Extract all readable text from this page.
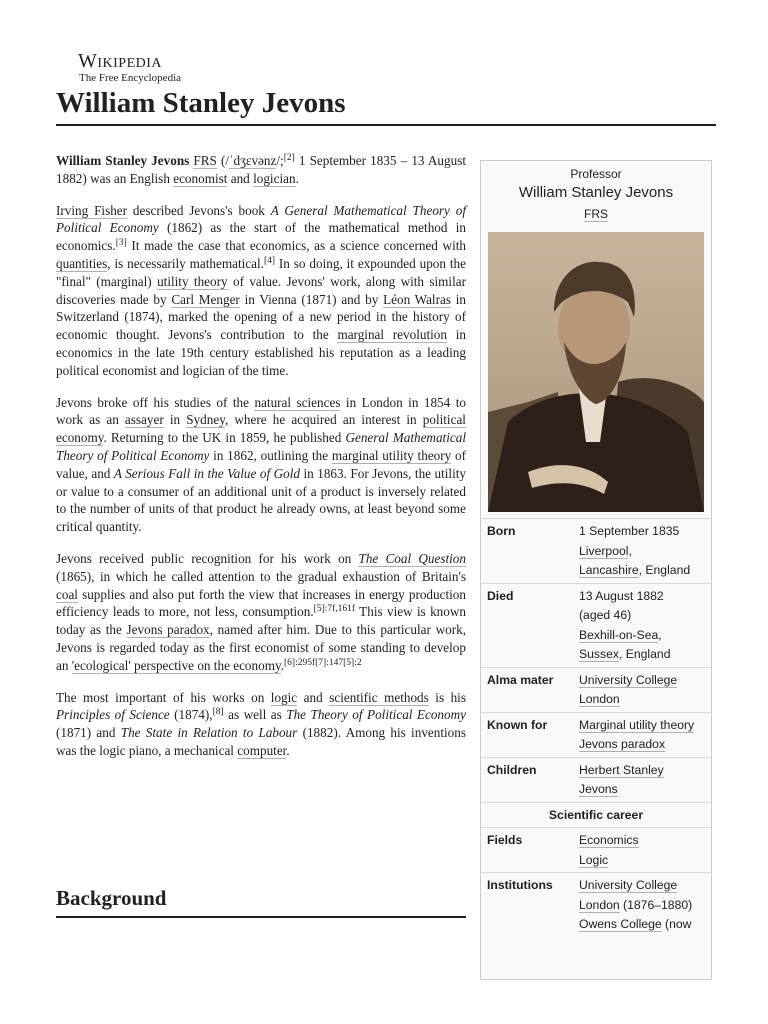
Wikipedia
The Free Encyclopedia
William Stanley Jevons

William Stanley Jevons FRS (/ˈdʒɛvənz/;[2] 1 September 1835 – 13 August 1882) was an English economist and logician.

Irving Fisher described Jevons's book A General Mathematical Theory of Political Economy (1862) as the start of the mathematical method in economics.[3] It made the case that economics, as a science concerned with quantities, is necessarily mathematical.[4] In so doing, it expounded upon the "final" (marginal) utility theory of value. Jevons' work, along with similar discoveries made by Carl Menger in Vienna (1871) and by Léon Walras in Switzerland (1874), marked the opening of a new period in the history of economic thought. Jevons's contribution to the marginal revolution in economics in the late 19th century established his reputation as a leading political economist and logician of the time.

Jevons broke off his studies of the natural sciences in London in 1854 to work as an assayer in Sydney, where he acquired an interest in political economy. Returning to the UK in 1859, he published General Mathematical Theory of Political Economy in 1862, outlining the marginal utility theory of value, and A Serious Fall in the Value of Gold in 1863. For Jevons, the utility or value to a consumer of an additional unit of a product is inversely related to the number of units of that product he already owns, at least beyond some critical quantity.

Jevons received public recognition for his work on The Coal Question (1865), in which he called attention to the gradual exhaustion of Britain's coal supplies and also put forth the view that increases in energy production efficiency leads to more, not less, consumption.$^{[5]:7f,161f}$ This view is known today as the Jevons paradox, named after him. Due to this particular work, Jevons is regarded today as the first economist of some standing to develop an 'ecological' perspective on the economy.$^{[6]:295f[7]:147[5]:2}$

The most important of his works on logic and scientific methods is his Principles of Science (1874),[8] as well as The Theory of Political Economy (1871) and The State in Relation to Labour (1882). Among his inventions was the logic piano, a mechanical computer.

Background
Professor
William Stanley Jevons
FRS
Born	1 September 1835
Liverpool,
Lancashire, England
Died	13 August 1882
(aged 46)
Bexhill-on-Sea,
Sussex, England
Alma mater	University College London
Known for	Marginal utility theory
Jevons paradox
Children	Herbert Stanley Jevons
Scientific career
Fields	Economics
Logic
Institutions	University College London (1876–1880)
Owens College (now
